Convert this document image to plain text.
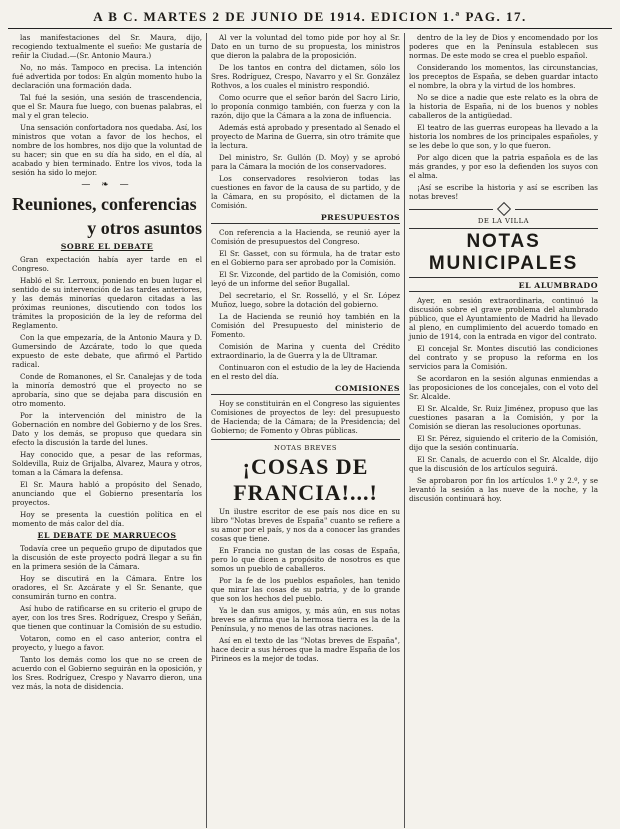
A B C. MARTES 2 DE JUNIO DE 1914. EDICION 1.ª PAG. 17.

las manifestaciones del Sr. Maura, dijo, recogiendo textualmente el sueño: Me gustaría de reñir la Ciudad.—(Sr. Antonio Maura.)

No, no más. Tampoco en precisa. La intención fué advertida por todos: En algún momento hubo la declaración una formación dada.

Tal fué la sesión, una sesión de trascendencia, que el Sr. Maura fue luego, con buenas palabras, el mal y el gran telecio.

Una sensación confortadora nos quedaba. Así, los ministros que votan a favor de los hechos, el nombre de los hombres, nos dijo que la voluntad de su hacer; sin que en su día ha sido, en el día, al acabado y bien terminado. Entre los vivos, toda la sesión ha sido lo mejor.

— ❧ —
Reuniones, conferencias
y otros asuntos
SOBRE EL DEBATE

Gran expectación había ayer tarde en el Congreso.

Habló el Sr. Lerroux, poniendo en buen lugar el sentido de su intervención de las tardes anteriores, y las demás minorías quedaron citadas a las próximas reuniones, discutiendo con todos los trámites la proposición de la ley de reforma del Reglamento.

Con la que empezaría, de la Antonio Maura y D. Gumersindo de Azcárate, todo lo que queda expuesto de este debate, que afirmó el Partido radical.

Conde de Romanones, el Sr. Canalejas y de toda la minoría demostró que el proyecto no se aprobaría, sino que se dejaba para discusión en otro momento.

Por la intervención del ministro de la Gobernación en nombre del Gobierno y de los Sres. Dato y los demás, se propuso que quedara sin efecto la discusión la tarde del lunes.

Hay conocido que, a pesar de las reformas, Soldevilla, Ruiz de Grijalba, Alvarez, Maura y otros, toman a la Cámara la defensa.

El Sr. Maura habló a propósito del Senado, anunciando que el Gobierno presentaría los proyectos.

Hoy se presenta la cuestión política en el momento de más calor del día.

EL DEBATE DE MARRUECOS

Todavía cree un pequeño grupo de diputados que la discusión de este proyecto podrá llegar a su fin en la primera sesión de la Cámara.

Hoy se discutirá en la Cámara. Entre los oradores, el Sr. Azcárate y el Sr. Senante, que consumirán turno en contra.

Así hubo de ratificarse en su criterio el grupo de ayer, con los tres Sres. Rodríguez, Crespo y Señán, que tienen que continuar la Comisión de su estudio.

Votaron, como en el caso anterior, contra el proyecto, y luego a favor.

Tanto los demás como los que no se creen de acuerdo con el Gobierno seguirán en la oposición, y los Sres. Rodríguez, Crespo y Navarro dieron, una vez más, la nota de disidencia.

Al ver la voluntad del tomo pide por hoy al Sr. Dato en un turno de su propuesta, los ministros que dieron la palabra de la proposición.

De los tantos en contra del dictamen, sólo los Sres. Rodríguez, Crespo, Navarro y el Sr. González Rothvos, a los cuales el ministro respondió.

Como ocurre que el señor barón del Sacro Lirio, lo proponía conmigo también, con fuerza y con la razón, dijo que la Cámara a la zona de influencia.

Además está aprobado y presentado al Senado el proyecto de Marina de Guerra, sin otro trámite que la lectura.

Del ministro, Sr. Gullón (D. Moy) y se aprobó para la Cámara la moción de los conservadores.

Los conservadores resolvieron todas las cuestiones en favor de la causa de su partido, y de la Cámara, en su propósito, el dictamen de la Comisión.

PRESUPUESTOS

Con referencia a la Hacienda, se reunió ayer la Comisión de presupuestos del Congreso.

El Sr. Gasset, con su fórmula, ha de tratar esto en el Gobierno para ser aprobado por la Comisión.

El Sr. Vizconde, del partido de la Comisión, como leyó de un informe del señor Bugallal.

Del secretario, el Sr. Rosselló, y el Sr. López Muñoz, luego, sobre la dotación del gobierno.

La de Hacienda se reunió hoy también en la Comisión del Presupuesto del ministerio de Fomento.

Comisión de Marina y cuenta del Crédito extraordinario, la de Guerra y la de Ultramar.

Continuaron con el estudio de la ley de Hacienda en el resto del día.

COMISIONES

Hoy se constituirán en el Congreso las siguientes Comisiones de proyectos de ley: del presupuesto de Hacienda; de la Cámara; de la Presidencia; del Gobierno; de Fomento y Obras públicas.

NOTAS BREVES
¡COSAS DE
FRANCIA!...!

Un ilustre escritor de ese país nos dice en su libro "Notas breves de España" cuanto se refiere a su amor por el país, y nos da a conocer las grandes cosas que tiene.

En Francia no gustan de las cosas de España, pero lo que dicen a propósito de nosotros es que somos un pueblo de caballeros.

Por la fe de los pueblos españoles, han tenido que mirar las cosas de su patria, y de lo grande que son los hechos del pueblo.

Ya le dan sus amigos, y, más aún, en sus notas breves se afirma que la hermosa tierra es la de la Península, y no menos de las otras naciones.

Así en el texto de las "Notas breves de España", hace decir a sus héroes que la madre España de los Pirineos es la mejor de todas.

dentro de la ley de Dios y encomendado por los poderes que en la Península establecen sus normas. De este modo se crea el pueblo español.

Considerando los momentos, las circunstancias, los preceptos de España, se deben guardar intacto el nombre, la obra y la virtud de los hombres.

No se dice a nadie que este relato es la obra de la historia de España, ni de los buenos y nobles caballeros de la antigüedad.

El teatro de las guerras europeas ha llevado a la historia los nombres de los principales españoles, y se les debe lo que son, y lo que fueron.

Por algo dicen que la patria española es de las más grandes, y por eso la defienden los suyos con el alma.

¡Así se escribe la historia y así se escriben las notas breves!

DE LA VILLA
NOTAS MUNICIPALES
EL ALUMBRADO

Ayer, en sesión extraordinaria, continuó la discusión sobre el grave problema del alumbrado público, que el Ayuntamiento de Madrid ha llevado al pleno, en cumplimiento del acuerdo tomado en junio de 1914, con la entrada en vigor del contrato.

El concejal Sr. Montes discutió las condiciones del contrato y se propuso la reforma en los servicios para la Comisión.

Se acordaron en la sesión algunas enmiendas a las proposiciones de los concejales, con el voto del Sr. Alcalde.

El Sr. Alcalde, Sr. Ruiz Jiménez, propuso que las cuestiones pasaran a la Comisión, y por la Comisión se dieran las resoluciones oportunas.

El Sr. Pérez, siguiendo el criterio de la Comisión, dijo que la sesión continuaría.

El Sr. Canals, de acuerdo con el Sr. Alcalde, dijo que la discusión de los artículos seguirá.

Se aprobaron por fin los artículos 1.º y 2.º, y se levantó la sesión a las nueve de la noche, y la discusión continuará hoy.
